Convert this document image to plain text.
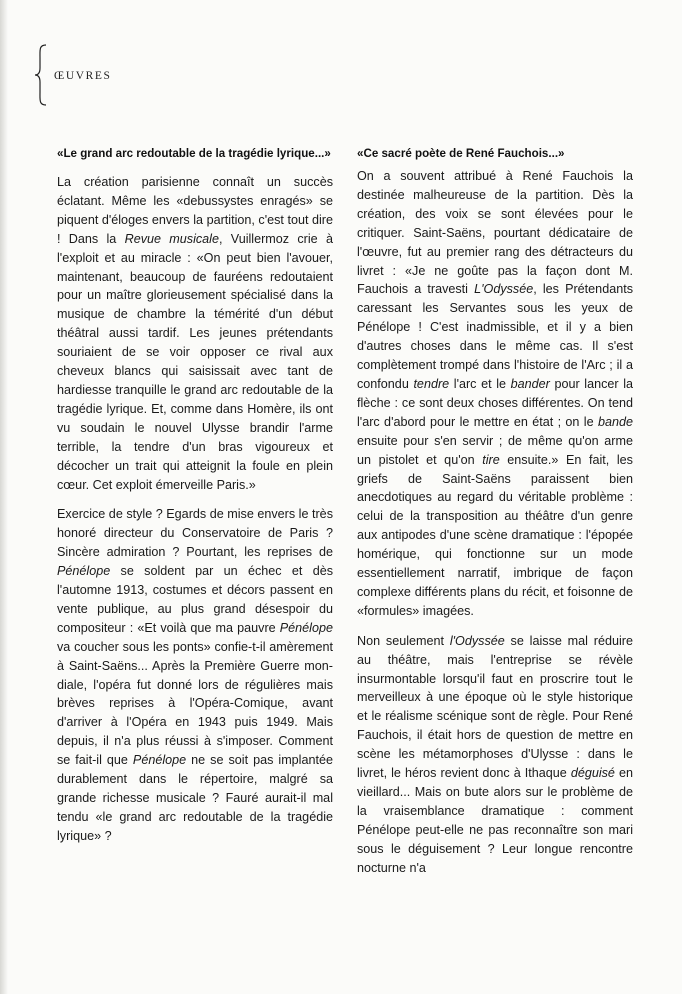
ŒUVRES
«Le grand arc redoutable de la tragédie lyrique...»

La création parisienne connaît un succès éclatant. Même les «debussystes enragés» se piquent d'éloges envers la partition, c'est tout dire ! Dans la Revue musicale, Vuillermoz crie à l'exploit et au miracle : «On peut bien l'avouer, maintenant, beaucoup de fauréens redoutaient pour un maître glorieusement spécialisé dans la musique de chambre la témérité d'un début théâtral aussi tardif. Les jeunes prétendants souriaient de se voir opposer ce rival aux cheveux blancs qui saisissait avec tant de hardiesse tranquille le grand arc redoutable de la tragédie lyrique. Et, comme dans Homère, ils ont vu soudain le nouvel Ulysse brandir l'arme terrible, la tendre d'un bras vigoureux et décocher un trait qui atteignit la foule en plein cœur. Cet exploit émerveille Paris.»

Exercice de style ? Egards de mise envers le très honoré directeur du Conservatoire de Paris ? Sincère admiration ? Pourtant, les reprises de Pénélope se soldent par un échec et dès l'automne 1913, costumes et décors passent en vente publique, au plus grand désespoir du compositeur : «Et voilà que ma pauvre Pénélope va coucher sous les ponts» confie-t-il amèrement à Saint-Saëns... Après la Première Guerre mondiale, l'opéra fut donné lors de régulières mais brèves reprises à l'Opéra-Comique, avant d'arriver à l'Opéra en 1943 puis 1949. Mais depuis, il n'a plus réussi à s'imposer. Comment se fait-il que Pénélope ne se soit pas implantée durablement dans le répertoire, malgré sa grande richesse musicale ? Fauré aurait-il mal tendu «le grand arc redoutable de la tragédie lyrique» ?

«Ce sacré poète de René Fauchois...»

On a souvent attribué à René Fauchois la destinée malheureuse de la partition. Dès la création, des voix se sont élevées pour le critiquer. Saint-Saëns, pourtant dédicataire de l'œuvre, fut au premier rang des détracteurs du livret : «Je ne goûte pas la façon dont M. Fauchois a travesti L'Odyssée, les Prétendants caressant les Servantes sous les yeux de Pénélope ! C'est inadmissible, et il y a bien d'autres choses dans le même cas. Il s'est complètement trompé dans l'histoire de l'Arc ; il a confondu tendre l'arc et le bander pour lancer la flèche : ce sont deux choses différentes. On tend l'arc d'abord pour le mettre en état ; on le bande ensuite pour s'en servir ; de même qu'on arme un pistolet et qu'on tire ensuite.» En fait, les griefs de Saint-Saëns paraissent bien anecdotiques au regard du véritable problème : celui de la transposition au théâtre d'un genre aux antipodes d'une scène dramatique : l'épopée homérique, qui fonctionne sur un mode essentiellement narratif, imbrique de façon complexe différents plans du récit, et foisonne de «formules» imagées.

Non seulement l'Odyssée se laisse mal réduire au théâtre, mais l'entreprise se révèle insurmontable lorsqu'il faut en proscrire tout le merveilleux à une époque où le style historique et le réalisme scénique sont de règle. Pour René Fauchois, il était hors de question de mettre en scène les métamorphoses d'Ulysse : dans le livret, le héros revient donc à Ithaque déguisé en vieillard... Mais on bute alors sur le problème de la vraisemblance dramatique : comment Pénélope peut-elle ne pas reconnaître son mari sous le déguisement ? Leur longue rencontre nocturne n'a
